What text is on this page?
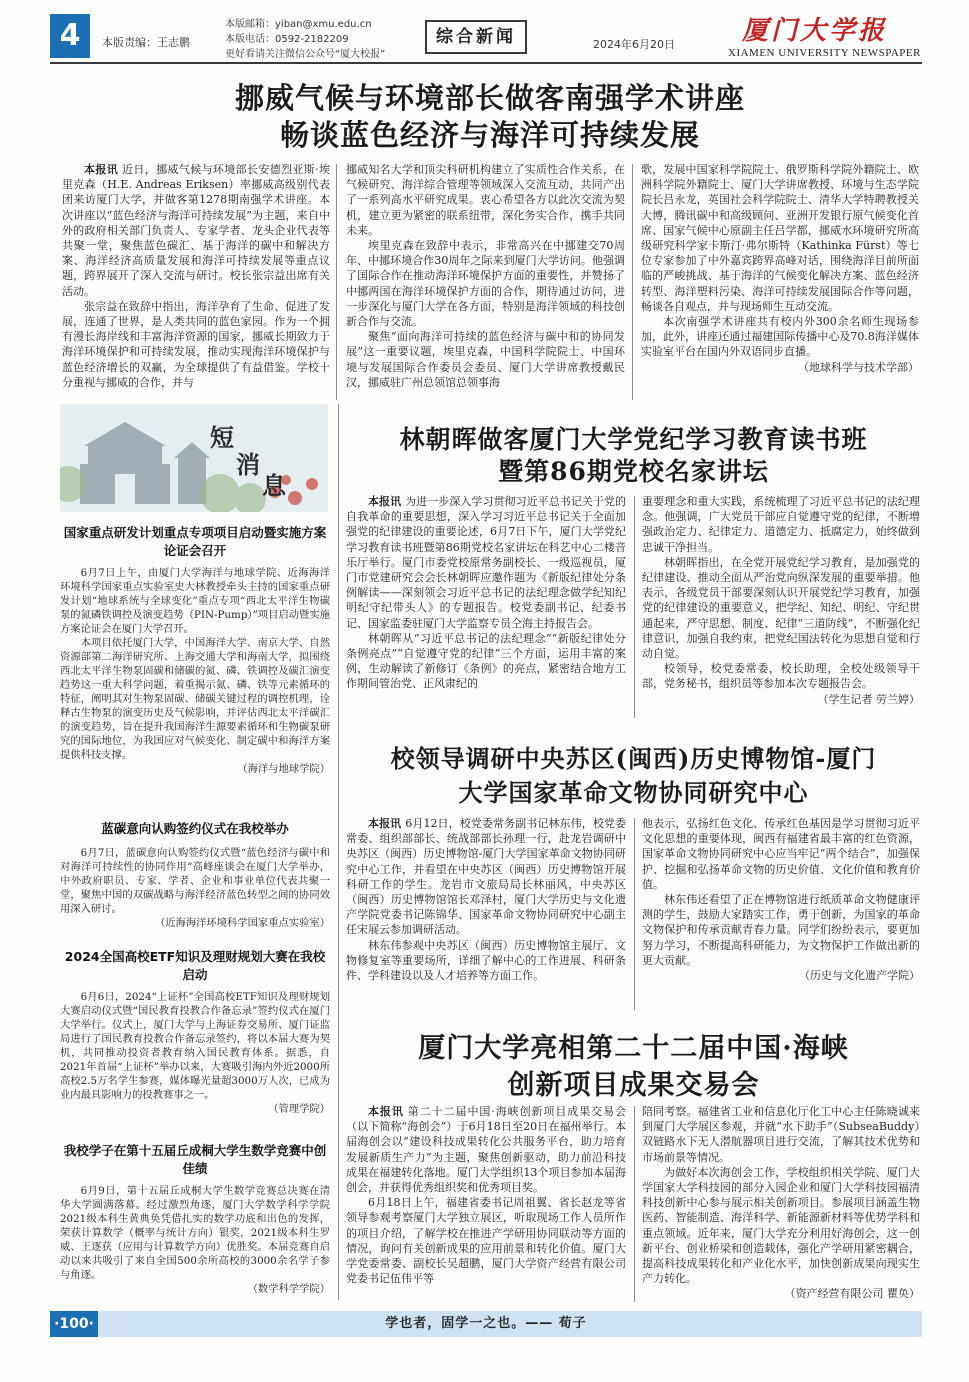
4	本版责编：王志鹏
本版邮箱：yiban@xmu.edu.cn
本版电话：0592-2182209
更好看请关注微信公众号“厦大校报”
综合新闻	2024年6月20日	厦门大学报
XIAMEN UNIVERSITY NEWSPAPER
挪威气候与环境部长做客南强学术讲座
畅谈蓝色经济与海洋可持续发展

本报讯 近日，挪威气候与环境部长安德烈亚斯·埃里克森（H.E. Andreas Eriksen）率挪威高级别代表团来访厦门大学，并做客第1278期南强学术讲座。本次讲座以“蓝色经济与海洋可持续发展”为主题，来自中外的政府相关部门负责人、专家学者、龙头企业代表等共聚一堂，聚焦蓝色碳汇、基于海洋的碳中和解决方案、海洋经济高质量发展和海洋可持续发展等重点议题，跨界展开了深入交流与研讨。校长张宗益出席有关活动。

张宗益在致辞中指出，海洋孕育了生命、促进了发展，连通了世界，是人类共同的蓝色家园。作为一个拥有漫长海岸线和丰富海洋资源的国家，挪威长期致力于海洋环境保护和可持续发展，推动实现海洋环境保护与蓝色经济增长的双赢，为全球提供了有益借鉴。学校十分重视与挪威的合作，并与

挪威知名大学和顶尖科研机构建立了实质性合作关系，在气候研究、海洋综合管理等领域深入交流互动，共同产出了一系列高水平研究成果。衷心希望各方以此次交流为契机，建立更为紧密的联系纽带，深化务实合作，携手共同未来。

埃里克森在致辞中表示，非常高兴在中挪建交70周年、中挪环境合作30周年之际来到厦门大学访问。他强调了国际合作在推动海洋环境保护方面的重要性，并赞扬了中挪两国在海洋环境保护方面的合作，期待通过访问，进一步深化与厦门大学在各方面，特别是海洋领域的科技创新合作与交流。

聚焦“面向海洋可持续的蓝色经济与碳中和的协同发展”这一重要议题，埃里克森，中国科学院院士、中国环境与发展国际合作委员会委员、厦门大学讲席教授戴民汉，挪威驻广州总领馆总领事海

歌，发展中国家科学院院士、俄罗斯科学院外籍院士、欧洲科学院外籍院士、厦门大学讲席教授、环境与生态学院院长吕永龙，英国社会科学院院士、清华大学特聘教授关大博，腾讯碳中和高级顾问、亚洲开发银行原气候变化首席、国家气候中心原副主任吕学都，挪威水环境研究所高级研究科学家卡斯汀·弗尔斯特（Kathinka Fürst）等七位专家参加了中外嘉宾跨界高峰对话，围绕海洋目前所面临的严峻挑战、基于海洋的气候变化解决方案、蓝色经济转型、海洋塑料污染、海洋可持续发展国际合作等问题，畅谈各自观点，并与现场师生互动交流。

本次南强学术讲座共有校内外300余名师生现场参加，此外，讲座还通过福建国际传播中心及70.8海洋媒体实验室平台在国内外双语同步直播。

（地球科学与技术学部）
短
消
息
国家重点研发计划重点专项项目启动暨实施方案论证会召开

6月7日上午，由厦门大学海洋与地球学院、近海海洋环境科学国家重点实验室史大林教授牵头主持的国家重点研发计划“地球系统与全球变化”重点专项“西北太平洋生物碳泵的氮磷铁调控及演变趋势（PIN-Pump）”项目启动暨实施方案论证会在厦门大学召开。

本项目依托厦门大学，中国海洋大学、南京大学、自然资源部第二海洋研究所、上海交通大学和海南大学，拟围绕西北太平洋生物泵固碳和储碳的氮、磷、铁调控及碳汇演变趋势这一重大科学问题，着重揭示氮、磷、铁等元素循环的特征，阐明其对生物泵固碳、储碳关键过程的调控机理，诠释古生物泵的演变历史及气候影响，并评估西北太平洋碳汇的演变趋势，旨在提升我国海洋生源要素循环和生物碳泵研究的国际地位，为我国应对气候变化、制定碳中和海洋方案提供科技支撑。

（海洋与地球学院）
蓝碳意向认购签约仪式在我校举办

6月7日，蓝碳意向认购签约仪式暨“蓝色经济与碳中和对海洋可持续性的协同作用”高峰座谈会在厦门大学举办，中外政府职员、专家、学者、企业和事业单位代表共聚一堂，聚焦中国的双碳战略与海洋经济蓝色转型之间的协同效用深入研讨。

（近海海洋环境科学国家重点实验室）
2024全国高校ETF知识及理财规划大赛在我校启动

6月6日，2024“上证杯”全国高校ETF知识及理财规划大赛启动仪式暨“国民教育投教合作备忘录”签约仪式在厦门大学举行。仪式上，厦门大学与上海证券交易所、厦门证监局进行了国民教育投教合作备忘录签约，将以本届大赛为契机，共同推动投资者教育纳入国民教育体系。据悉，自2021年首届“上证杯”举办以来，大赛吸引海内外近2000所高校2.5万名学生参赛，媒体曝光量超3000万人次，已成为业内最具影响力的投教赛事之一。

（管理学院）
我校学子在第十五届丘成桐大学生数学竞赛中创佳绩

6月9日，第十五届丘成桐大学生数学竞赛总决赛在清华大学圆满落幕。经过激烈角逐，厦门大学数学科学学院2021级本科生黄典奂凭借扎实的数学功底和出色的发挥，荣获计算数学（概率与统计方向）银奖，2021级本科生罗威、王逐获（应用与计算数学方向）优胜奖。本届竞赛自启动以来共吸引了来自全国500余所高校的3000余名学子参与角逐。

（数学科学学院）
林朝晖做客厦门大学党纪学习教育读书班
暨第86期党校名家讲坛

本报讯 为进一步深入学习贯彻习近平总书记关于党的自我革命的重要思想，深入学习习近平总书记关于全面加强党的纪律建设的重要论述，6月7日下午，厦门大学党纪学习教育读书班暨第86期党校名家讲坛在科艺中心二楼音乐厅举行。厦门市委党校原常务副校长、一级巡视员，厦门市党建研究会会长林朝晖应邀作题为《新版纪律处分条例解读——深刻领会习近平总书记的法纪理念做学纪知纪明纪守纪带头人》的专题报告。校党委副书记、纪委书记、国家监委驻厦门大学监察专员仝海主持报告会。

林朝晖从“习近平总书记的法纪理念”“新版纪律处分条例亮点”“自觉遵守党的纪律”三个方面，运用丰富的案例，生动解读了新修订《条例》的亮点，紧密结合地方工作期间管治党、正风肃纪的

重要理念和重大实践，系统梳理了习近平总书记的法纪理念。他强调，广大党员干部应自觉遵守党的纪律，不断增强政治定力、纪律定力、道德定力、抵腐定力，始终做到忠诚干净担当。

林朝晖指出，在全党开展党纪学习教育，是加强党的纪律建设、推动全面从严治党向纵深发展的重要举措。他表示，各级党员干部要深刻认识开展党纪学习教育，加强党的纪律建设的重要意义，把学纪、知纪、明纪、守纪贯通起来，严守思想、制度、纪律“三道防线”，不断强化纪律意识，加强自我约束，把党纪国法转化为思想自觉和行动自觉。

校领导，校党委常委，校长助理，全校处级领导干部，党务秘书，组织员等参加本次专题报告会。

（学生记者 劳兰婷）
校领导调研中央苏区(闽西)历史博物馆-厦门
大学国家革命文物协同研究中心

本报讯 6月12日，校党委常务副书记林东伟，校党委常委、组织部部长、统战部部长孙理一行，赴龙岩调研中央苏区（闽西）历史博物馆-厦门大学国家革命文物协同研究中心工作，并看望在中央苏区（闽西）历史博物馆开展科研工作的学生。龙岩市文旅局局长林丽风，中央苏区（闽西）历史博物馆馆长邓泽村，厦门大学历史与文化遗产学院党委书记陈锦华、国家革命文物协同研究中心副主任宋展云参加调研活动。

林东伟参观中央苏区（闽西）历史博物馆主展厅、文物修复室等重要场所，详细了解中心的工作进展、科研条件、学科建设以及人才培养等方面工作。

他表示，弘扬红色文化、传承红色基因是学习贯彻习近平文化思想的重要体现，闽西有福建省最丰富的红色资源，国家革命文物协同研究中心应当牢记“两个结合”，加强保护、挖掘和弘扬革命文物的历史价值、文化价值和教育价值。

林东伟还看望了正在博物馆进行纸质革命文物健康评测的学生，鼓励大家踏实工作，勇于创新，为国家的革命文物保护和传承贡献青春力量。同学们纷纷表示，要更加努力学习，不断提高科研能力，为文物保护工作做出新的更大贡献。

（历史与文化遗产学院）
厦门大学亮相第二十二届中国·海峡
创新项目成果交易会

本报讯 第二十二届中国·海峡创新项目成果交易会（以下简称“海创会”）于6月18日至20日在福州举行。本届海创会以“建设科技成果转化公共服务平台，助力培育发展新质生产力”为主题，聚焦创新驱动，助力前沿科技成果在福建转化落地。厦门大学组织13个项目参加本届海创会，并获得优秀组织奖和优秀项目奖。

6月18日上午，福建省委书记周祖翼、省长赵龙等省领导参观考察厦门大学独立展区，听取现场工作人员所作的项目介绍，了解学校在推进产学研用协同联动等方面的情况，询问有关创新成果的应用前景和转化价值。厦门大学党委常委、副校长吴超鹏，厦门大学资产经营有限公司党委书记伍伟平等

陪同考察。福建省工业和信息化厅化工中心主任陈晓诚来到厦门大学展区参观，并就“水下助手”（SubseaBuddy）双链路水下无人潜航器项目进行交流，了解其技术优势和市场前景等情况。

为做好本次海创会工作，学校组织相关学院、厦门大学国家大学科技园的部分入园企业和厦门大学科技园福清科技创新中心参与展示相关创新项目。参展项目涵盖生物医药、智能制造、海洋科学、新能源新材料等优势学科和重点领域。近年来，厦门大学充分利用好海创会，这一创新平台、创业桥梁和创造载体，强化产学研用紧密耦合，提高科技成果转化和产业化水平，加快创新成果向现实生产力转化。

（资产经营有限公司 瞿奂）
学也者，固学一之也。—— 荀子
·100·
